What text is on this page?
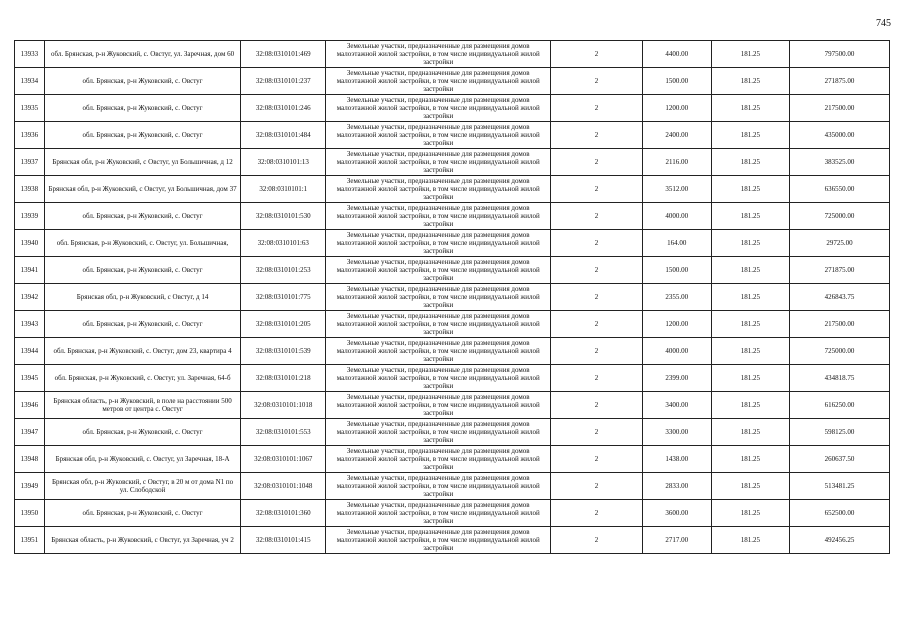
745
13933	обл. Брянская, р-н Жуковский, с. Овстуг, ул. Заречная, дом 60	32:08:0310101:469	Земельные участки, предназначенные для размещения домов малоэтажной жилой застройки, в том числе индивидуальной жилой застройки	2	4400.00	181.25	797500.00
13934	обл. Брянская, р-н Жуковский, с. Овстуг	32:08:0310101:237	Земельные участки, предназначенные для размещения домов малоэтажной жилой застройки, в том числе индивидуальной жилой застройки	2	1500.00	181.25	271875.00
13935	обл. Брянская, р-н Жуковский, с. Овстуг	32:08:0310101:246	Земельные участки, предназначенные для размещения домов малоэтажной жилой застройки, в том числе индивидуальной жилой застройки	2	1200.00	181.25	217500.00
13936	обл. Брянская, р-н Жуковский, с. Овстуг	32:08:0310101:484	Земельные участки, предназначенные для размещения домов малоэтажной жилой застройки, в том числе индивидуальной жилой застройки	2	2400.00	181.25	435000.00
13937	Брянская обл, р-н Жуковский, с Овстуг, ул Большичная, д 12	32:08:0310101:13	Земельные участки, предназначенные для размещения домов малоэтажной жилой застройки, в том числе индивидуальной жилой застройки	2	2116.00	181.25	383525.00
13938	Брянская обл, р-н Жуковский, с Овстуг, ул Большичная, дом 37	32:08:0310101:1	Земельные участки, предназначенные для размещения домов малоэтажной жилой застройки, в том числе индивидуальной жилой застройки	2	3512.00	181.25	636550.00
13939	обл. Брянская, р-н Жуковский, с. Овстуг	32:08:0310101:530	Земельные участки, предназначенные для размещения домов малоэтажной жилой застройки, в том числе индивидуальной жилой застройки	2	4000.00	181.25	725000.00
13940	обл. Брянская, р-н Жуковский, с. Овстуг, ул. Большичная,	32:08:0310101:63	Земельные участки, предназначенные для размещения домов малоэтажной жилой застройки, в том числе индивидуальной жилой застройки	2	164.00	181.25	29725.00
13941	обл. Брянская, р-н Жуковский, с. Овстуг	32:08:0310101:253	Земельные участки, предназначенные для размещения домов малоэтажной жилой застройки, в том числе индивидуальной жилой застройки	2	1500.00	181.25	271875.00
13942	Брянская обл, р-н Жуковский, с Овстуг, д 14	32:08:0310101:775	Земельные участки, предназначенные для размещения домов малоэтажной жилой застройки, в том числе индивидуальной жилой застройки	2	2355.00	181.25	426843.75
13943	обл. Брянская, р-н Жуковский, с. Овстуг	32:08:0310101:205	Земельные участки, предназначенные для размещения домов малоэтажной жилой застройки, в том числе индивидуальной жилой застройки	2	1200.00	181.25	217500.00
13944	обл. Брянская, р-н Жуковский, с. Овстуг, дом 23, квартира 4	32:08:0310101:539	Земельные участки, предназначенные для размещения домов малоэтажной жилой застройки, в том числе индивидуальной жилой застройки	2	4000.00	181.25	725000.00
13945	обл. Брянская, р-н Жуковский, с. Овстуг, ул. Заречная, 64-б	32:08:0310101:218	Земельные участки, предназначенные для размещения домов малоэтажной жилой застройки, в том числе индивидуальной жилой застройки	2	2399.00	181.25	434818.75
13946	Брянская область, р-н Жуковский, в поле на расстоянии 500 метров от центра с. Овстуг	32:08:0310101:1018	Земельные участки, предназначенные для размещения домов малоэтажной жилой застройки, в том числе индивидуальной жилой застройки	2	3400.00	181.25	616250.00
13947	обл. Брянская, р-н Жуковский, с. Овстуг	32:08:0310101:553	Земельные участки, предназначенные для размещения домов малоэтажной жилой застройки, в том числе индивидуальной жилой застройки	2	3300.00	181.25	598125.00
13948	Брянская обл, р-н Жуковский, с. Овстуг, ул Заречная, 18-А	32:08:0310101:1067	Земельные участки, предназначенные для размещения домов малоэтажной жилой застройки, в том числе индивидуальной жилой застройки	2	1438.00	181.25	260637.50
13949	Брянская обл, р-н Жуковский, с Овстуг, в 20 м от дома N1 по ул. Слободской	32:08:0310101:1048	Земельные участки, предназначенные для размещения домов малоэтажной жилой застройки, в том числе индивидуальной жилой застройки	2	2833.00	181.25	513481.25
13950	обл. Брянская, р-н Жуковский, с. Овстуг	32:08:0310101:360	Земельные участки, предназначенные для размещения домов малоэтажной жилой застройки, в том числе индивидуальной жилой застройки	2	3600.00	181.25	652500.00
13951	Брянская область, р-н Жуковский, с Овстуг, ул Заречная, уч 2	32:08:0310101:415	Земельные участки, предназначенные для размещения домов малоэтажной жилой застройки, в том числе индивидуальной жилой застройки	2	2717.00	181.25	492456.25
